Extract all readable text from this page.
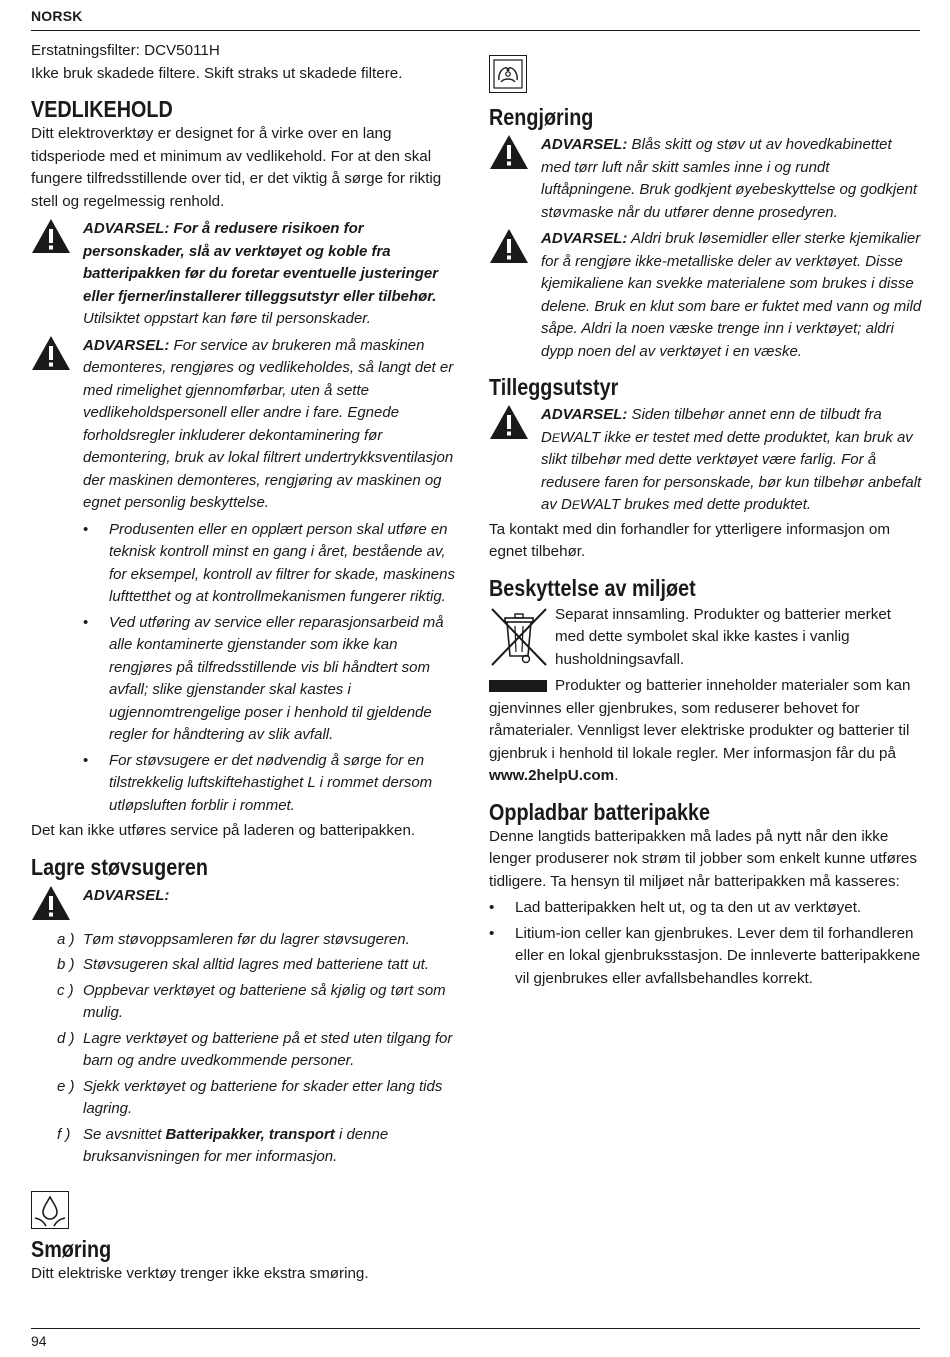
NORSK

Erstatningsfilter: DCV5011H

Ikke bruk skadede filtere. Skift straks ut skadede filtere.

VEDLIKEHOLD

Ditt elektroverktøy er designet for å virke over en lang tidsperiode med et minimum av vedlikehold. For at den skal fungere tilfredsstillende over tid, er det viktig å sørge for riktig stell og regelmessig renhold.

ADVARSEL: For å redusere risikoen for personskader, slå av verktøyet og koble fra batteripakken før du foretar eventuelle justeringer eller fjerner/installerer tilleggsutstyr eller tilbehør. Utilsiktet oppstart kan føre til personskader.

ADVARSEL: For service av brukeren må maskinen demonteres, rengjøres og vedlikeholdes, så langt det er med rimelighet gjennomførbar, uten å sette vedlikeholdspersonell eller andre i fare. Egnede forholdsregler inkluderer dekontaminering før demontering, bruk av lokal filtrert undertrykksventilasjon der maskinen demonteres, rengjøring av maskinen og egnet personlig beskyttelse.

• Produsenten eller en opplært person skal utføre en teknisk kontroll minst en gang i året, bestående av, for eksempel, kontroll av filtrer for skade, maskinens lufttetthet og at kontrollmekanismen fungerer riktig.
• Ved utføring av service eller reparasjonsarbeid må alle kontaminerte gjenstander som ikke kan rengjøres på tilfredsstillende vis bli håndtert som avfall; slike gjenstander skal kastes i ugjennomtrengelige poser i henhold til gjeldende regler for håndtering av slik avfall.
• For støvsugere er det nødvendig å sørge for en tilstrekkelig luftskiftehastighet L i rommet dersom utløpsluften forblir i rommet.

Det kan ikke utføres service på laderen og batteripakken.

Lagre støvsugeren

ADVARSEL:

a ) Tøm støvoppsamleren før du lagrer støvsugeren.
b ) Støvsugeren skal alltid lagres med batteriene tatt ut.
c ) Oppbevar verktøyet og batteriene så kjølig og tørt som mulig.
d ) Lagre verktøyet og batteriene på et sted uten tilgang for barn og andre uvedkommende personer.
e ) Sjekk verktøyet og batteriene for skader etter lang tids lagring.
f ) Se avsnittet Batteripakker, transport i denne bruksanvisningen for mer informasjon.
Smøring

Ditt elektriske verktøy trenger ikke ekstra smøring.

Rengjøring

ADVARSEL: Blås skitt og støv ut av hovedkabinettet med tørr luft når skitt samles inne i og rundt luftåpningene. Bruk godkjent øyebeskyttelse og godkjent støvmaske når du utfører denne prosedyren.

ADVARSEL: Aldri bruk løsemidler eller sterke kjemikalier for å rengjøre ikke-metalliske deler av verktøyet. Disse kjemikaliene kan svekke materialene som brukes i disse delene. Bruk en klut som bare er fuktet med vann og mild såpe. Aldri la noen væske trenge inn i verktøyet; aldri dypp noen del av verktøyet i en væske.

Tilleggsutstyr

ADVARSEL: Siden tilbehør annet enn de tilbudt fra DEWALT ikke er testet med dette produktet, kan bruk av slikt tilbehør med dette verktøyet være farlig. For å redusere faren for personskade, bør kun tilbehør anbefalt av DEWALT brukes med dette produktet.

Ta kontakt med din forhandler for ytterligere informasjon om egnet tilbehør.

Beskyttelse av miljøet

Separat innsamling. Produkter og batterier merket med dette symbolet skal ikke kastes i vanlig husholdningsavfall.

Produkter og batterier inneholder materialer som kan gjenvinnes eller gjenbrukes, som reduserer behovet for råmaterialer. Vennligst lever elektriske produkter og batterier til gjenbruk i henhold til lokale regler. Mer informasjon får du på www.2helpU.com.

Oppladbar batteripakke

Denne langtids batteripakken må lades på nytt når den ikke lenger produserer nok strøm til jobber som enkelt kunne utføres tidligere. Ta hensyn til miljøet når batteripakken må kasseres:

• Lad batteripakken helt ut, og ta den ut av verktøyet.
• Litium-ion celler kan gjenbrukes. Lever dem til forhandleren eller en lokal gjenbruksstasjon. De innleverte batteripakkene vil gjenbrukes eller avfallsbehandles korrekt.
94
